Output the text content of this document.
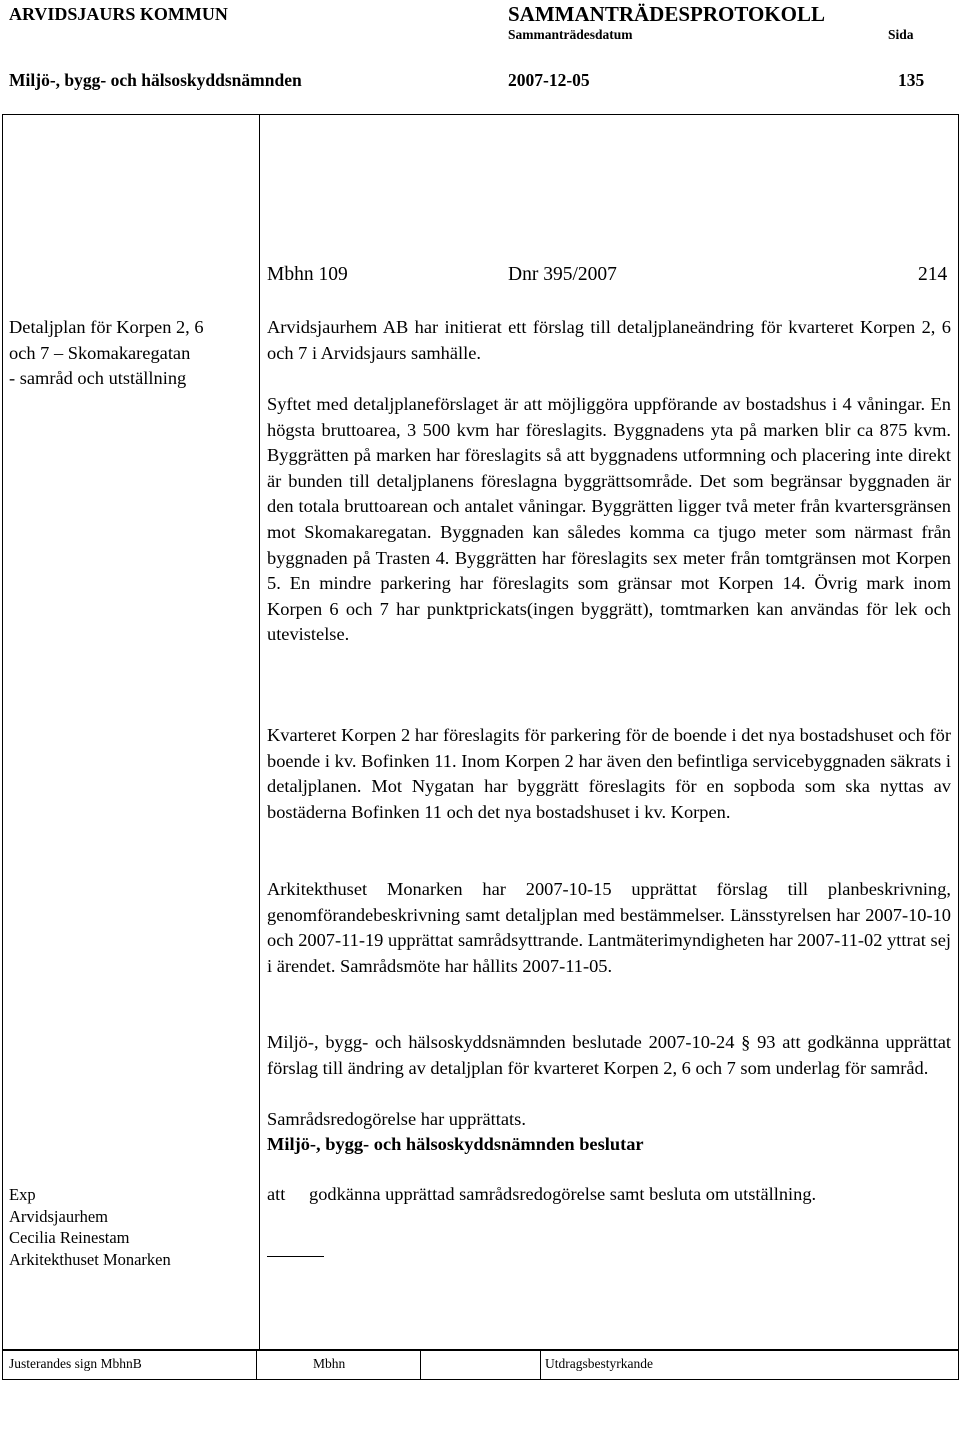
ARVIDSJAURS KOMMUN	SAMMANTRÄDESPROTOKOLL
Sammanträdesdatum	Sida
Miljö-, bygg- och hälsoskyddsnämnden	2007-12-05	135
Mbhn 109	Dnr 395/2007	214
Detaljplan för Korpen 2, 6
och 7 – Skomakaregatan
- samråd och utställning
Arvidsjaurhem AB har initierat ett förslag till detaljplaneändring för kvarteret Korpen 2, 6 och 7 i Arvidsjaurs samhälle.
Syftet med detaljplaneförslaget är att möjliggöra uppförande av bostadshus i 4 våningar. En högsta bruttoarea, 3 500 kvm har föreslagits. Byggnadens yta på marken blir ca 875 kvm. Byggrätten på marken har föreslagits så att byggnadens utformning och placering inte direkt är bunden till detaljplanens föreslagna byggrättsområde. Det som begränsar byggnaden är den totala bruttoarean och antalet våningar. Byggrätten ligger två meter från kvartersgränsen mot Skomakaregatan. Byggnaden kan således komma ca tjugo meter som närmast från byggnaden på Trasten 4. Byggrätten har föreslagits sex meter från tomtgränsen mot Korpen 5. En mindre parkering har föreslagits som gränsar mot Korpen 14. Övrig mark inom Korpen 6 och 7 har punktprickats(ingen byggrätt), tomtmarken kan användas för lek och utevistelse.
Kvarteret Korpen 2 har föreslagits för parkering för de boende i det nya bostadshuset och för boende i kv. Bofinken 11. Inom Korpen 2 har även den befintliga servicebyggnaden säkrats i detaljplanen. Mot Nygatan har byggrätt föreslagits för en sopboda som ska nyttas av bostäderna Bofinken 11 och det nya bostadshuset i kv. Korpen.
Arkitekthuset Monarken har 2007-10-15 upprättat förslag till planbeskrivning, genomförandebeskrivning samt detaljplan med bestämmelser. Länsstyrelsen har 2007-10-10 och 2007-11-19 upprättat samrådsyttrande. Lantmäterimyndigheten har 2007-11-02 yttrat sej i ärendet. Samrådsmöte har hållits 2007-11-05.
Miljö-, bygg- och hälsoskyddsnämnden beslutade 2007-10-24 § 93 att godkänna upprättat förslag till ändring av detaljplan för kvarteret Korpen 2, 6 och 7 som underlag för samråd.
Samrådsredogörelse har upprättats.
Miljö-, bygg- och hälsoskyddsnämnden beslutar
att godkänna upprättad samrådsredogörelse samt besluta om utställning.
Exp
Arvidsjaurhem
Cecilia Reinestam
Arkitekthuset Monarken
Justerandes sign MbhnB	Mbhn	Utdragsbestyrkande
